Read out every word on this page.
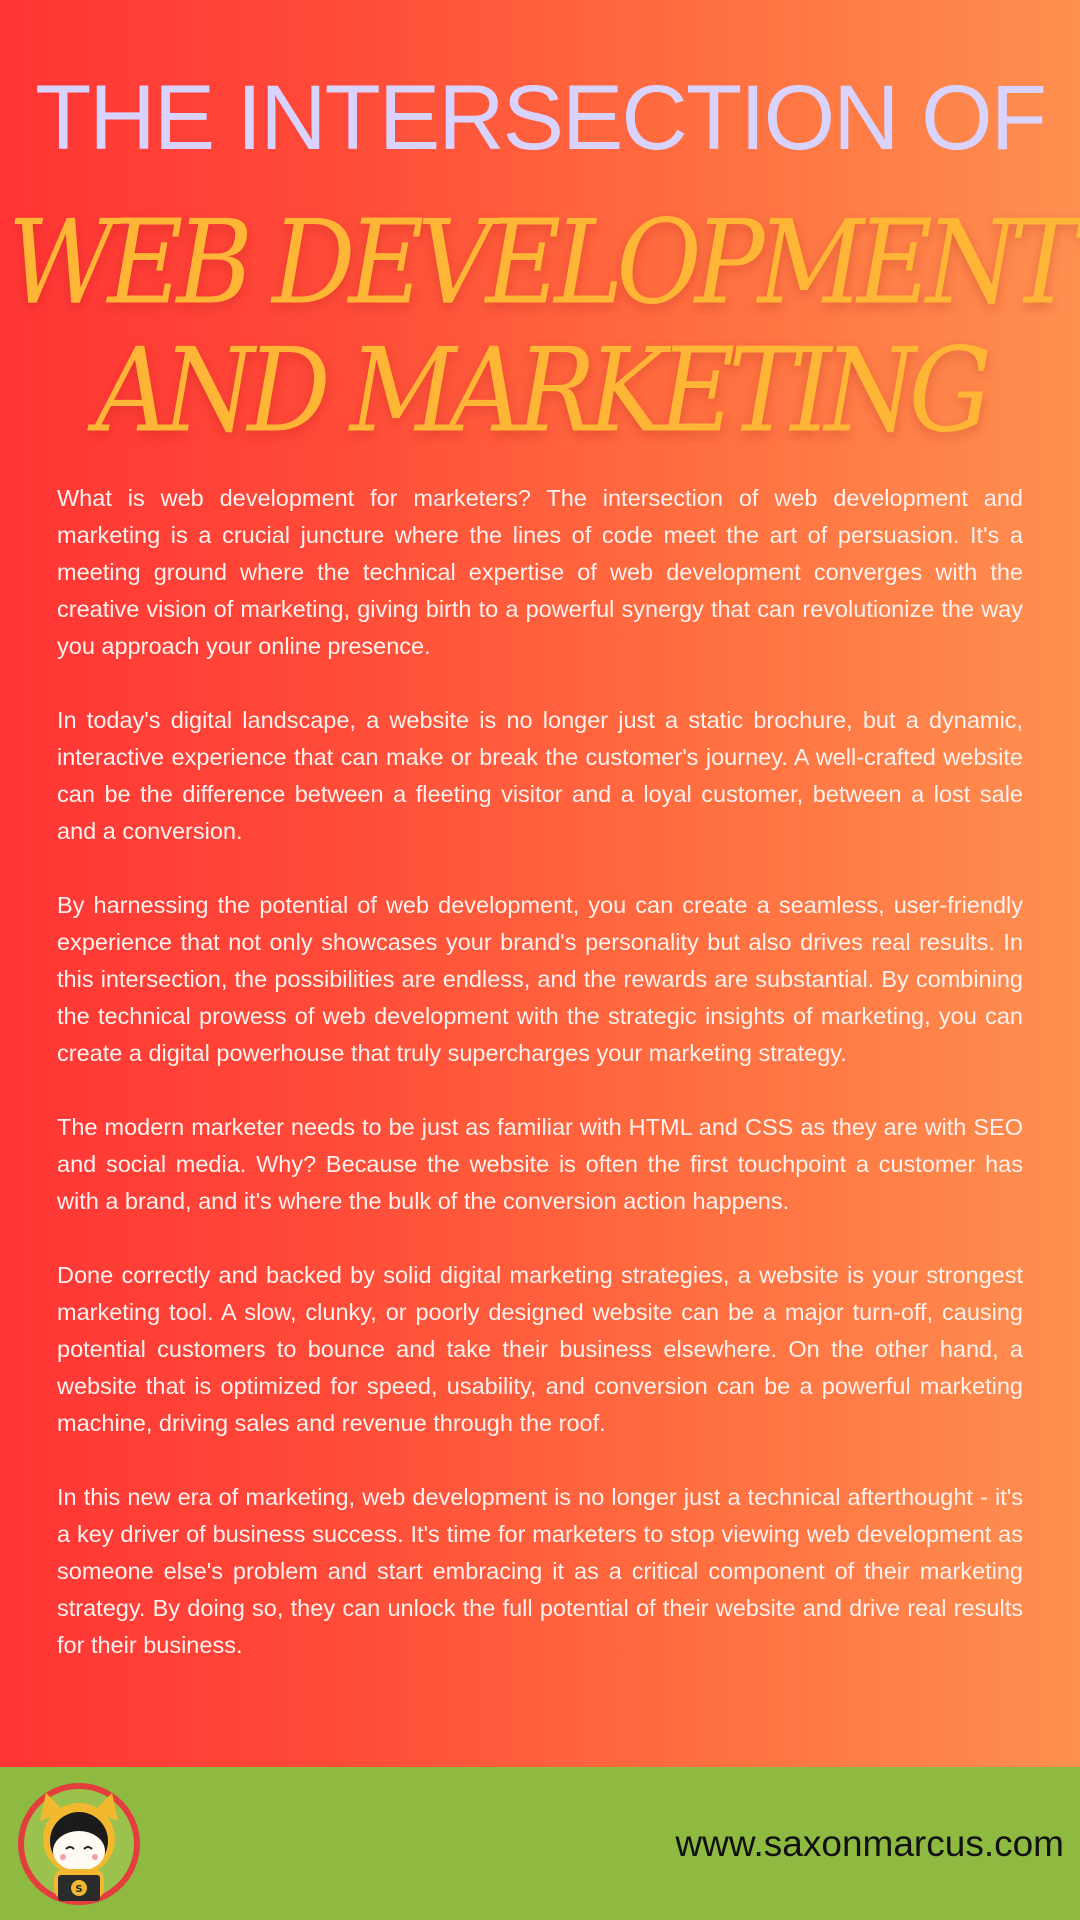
THE INTERSECTION OF
WEB DEVELOPMENT
AND MARKETING

What is web development for marketers? The intersection of web development and marketing is a crucial juncture where the lines of code meet the art of persuasion. It's a meeting ground where the technical expertise of web development converges with the creative vision of marketing, giving birth to a powerful synergy that can revolutionize the way you approach your online presence.

In today's digital landscape, a website is no longer just a static brochure, but a dynamic, interactive experience that can make or break the customer's journey. A well-crafted website can be the difference between a fleeting visitor and a loyal customer, between a lost sale and a conversion.

By harnessing the potential of web development, you can create a seamless, user-friendly experience that not only showcases your brand's personality but also drives real results. In this intersection, the possibilities are endless, and the rewards are substantial. By combining the technical prowess of web development with the strategic insights of marketing, you can create a digital powerhouse that truly supercharges your marketing strategy.

The modern marketer needs to be just as familiar with HTML and CSS as they are with SEO and social media. Why? Because the website is often the first touchpoint a customer has with a brand, and it's where the bulk of the conversion action happens.

Done correctly and backed by solid digital marketing strategies, a website is your strongest marketing tool. A slow, clunky, or poorly designed website can be a major turn-off, causing potential customers to bounce and take their business elsewhere. On the other hand, a website that is optimized for speed, usability, and conversion can be a powerful marketing machine, driving sales and revenue through the roof.

In this new era of marketing, web development is no longer just a technical afterthought - it's a key driver of business success. It's time for marketers to stop viewing web development as someone else's problem and start embracing it as a critical component of their marketing strategy. By doing so, they can unlock the full potential of their website and drive real results for their business.

S
www.saxonmarcus.com
